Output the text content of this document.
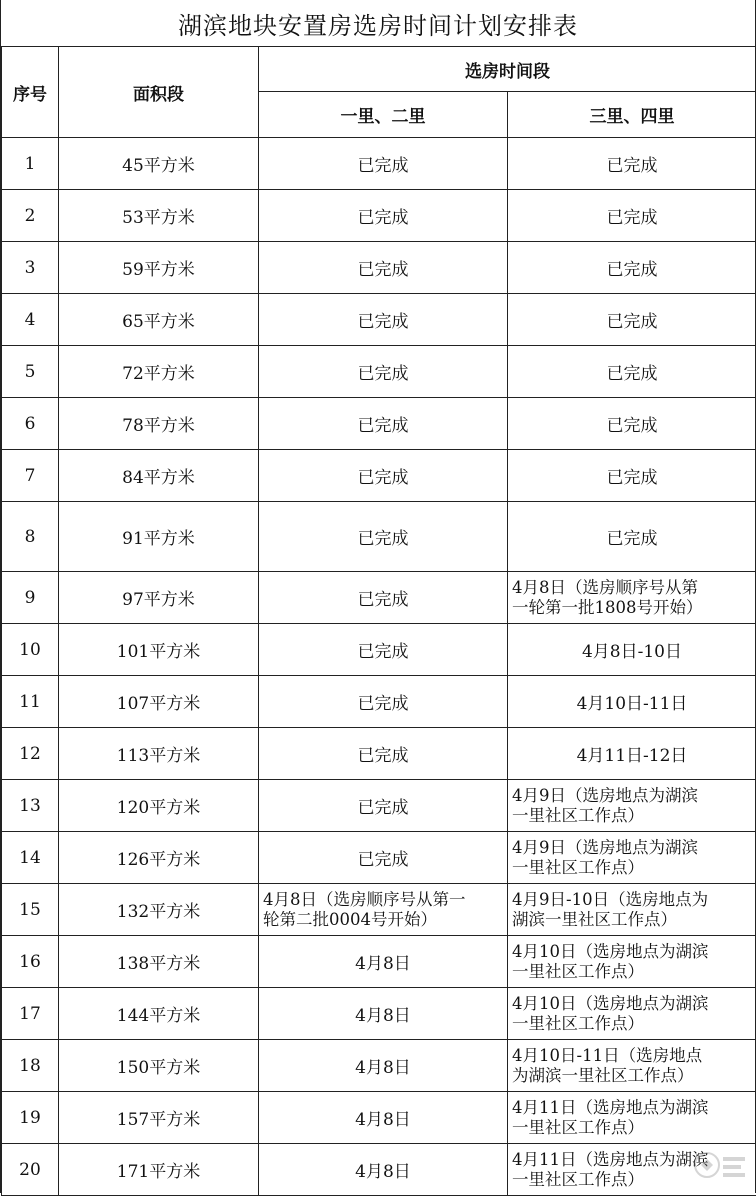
湖滨地块安置房选房时间计划安排表
序号	面积段	选房时间段	
		一里、二里	三里、四里
1	45平方米	已完成	已完成
2	53平方米	已完成	已完成
3	59平方米	已完成	已完成
4	65平方米	已完成	已完成
5	72平方米	已完成	已完成
6	78平方米	已完成	已完成
7	84平方米	已完成	已完成
8	91平方米	已完成	已完成
9	97平方米	已完成	4月8日（选房顺序号从第
一轮第一批1808号开始）

10	101平方米	已完成	4月8日-10日
11	107平方米	已完成	4月10日-11日
12	113平方米	已完成	4月11日-12日
13	120平方米	已完成	4月9日（选房地点为湖滨
一里社区工作点）

14	126平方米	已完成	4月9日（选房地点为湖滨
一里社区工作点）

15	132平方米	4月8日（选房顺序号从第一
轮第二批0004号开始）	4月9日-10日（选房地点为
湖滨一里社区工作点）

16	138平方米	4月8日	4月10日（选房地点为湖滨
一里社区工作点）

17	144平方米	4月8日	4月10日（选房地点为湖滨
一里社区工作点）

18	150平方米	4月8日	4月10日-11日（选房地点
为湖滨一里社区工作点）

19	157平方米	4月8日	4月11日（选房地点为湖滨
一里社区工作点）

20	171平方米	4月8日	4月11日（选房地点为湖滨
一里社区工作点）
